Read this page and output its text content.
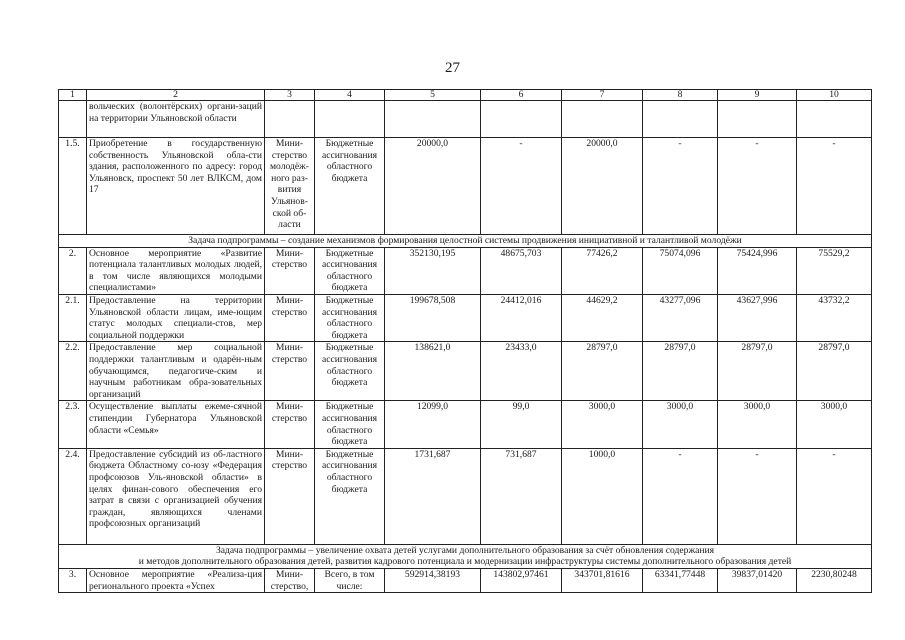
27
1	2	3	4	5	6	7	8	9	10
	вольческих (волонтёрских) органи-заций на территории Ульяновской области								
1.5.	Приобретение в государственную собственность Ульяновской обла-сти здания, расположенного по адресу: город Ульяновск, проспект 50 лет ВЛКСМ, дом 17	Мини-стерство молодёж-ного раз-вития Ульянов-ской об-ласти	Бюджетные ассигнования областного бюджета	20000,0	-	20000,0	-	-	-
Задача подпрограммы – создание механизмов формирования целостной системы продвижения инициативной и талантливой молодёжи									
2.	Основное мероприятие «Развитие потенциала талантливых молодых людей, в том числе являющихся молодыми специалистами»	Мини-стерство	Бюджетные ассигнования областного бюджета	352130,195	48675,703	77426,2	75074,096	75424,996	75529,2
2.1.	Предоставление на территории Ульяновской области лицам, име-ющим статус молодых специали-стов, мер социальной поддержки	Мини-стерство	Бюджетные ассигнования областного бюджета	199678,508	24412,016	44629,2	43277,096	43627,996	43732,2
2.2.	Предоставление мер социальной поддержки талантливым и одарён-ным обучающимся, педагогиче-ским и научным работникам обра-зовательных организаций	Мини-стерство	Бюджетные ассигнования областного бюджета	138621,0	23433,0	28797,0	28797,0	28797,0	28797,0
2.3.	Осуществление выплаты ежеме-сячной стипендии Губернатора Ульяновской области «Семья»	Мини-стерство	Бюджетные ассигнования областного бюджета	12099,0	99,0	3000,0	3000,0	3000,0	3000,0
2.4.	Предоставление субсидий из об-ластного бюджета Областному со-юзу «Федерация профсоюзов Уль-яновской области» в целях финан-сового обеспечения его затрат в связи с организацией обучения граждан, являющихся членами профсоюзных организаций	Мини-стерство	Бюджетные ассигнования областного бюджета	1731,687	731,687	1000,0	-	-	-

Задача подпрограммы – увеличение охвата детей услугами дополнительного образования за счёт обновления содержания
и методов дополнительного образования детей, развития кадрового потенциала и модернизации инфраструктуры системы дополнительного образования детей									

3.	Основное мероприятие «Реализа-ция регионального проекта «Успех	Мини-стерство,	Всего, в том числе:	592914,38193	143802,97461	343701,81616	63341,77448	39837,01420	2230,80248
